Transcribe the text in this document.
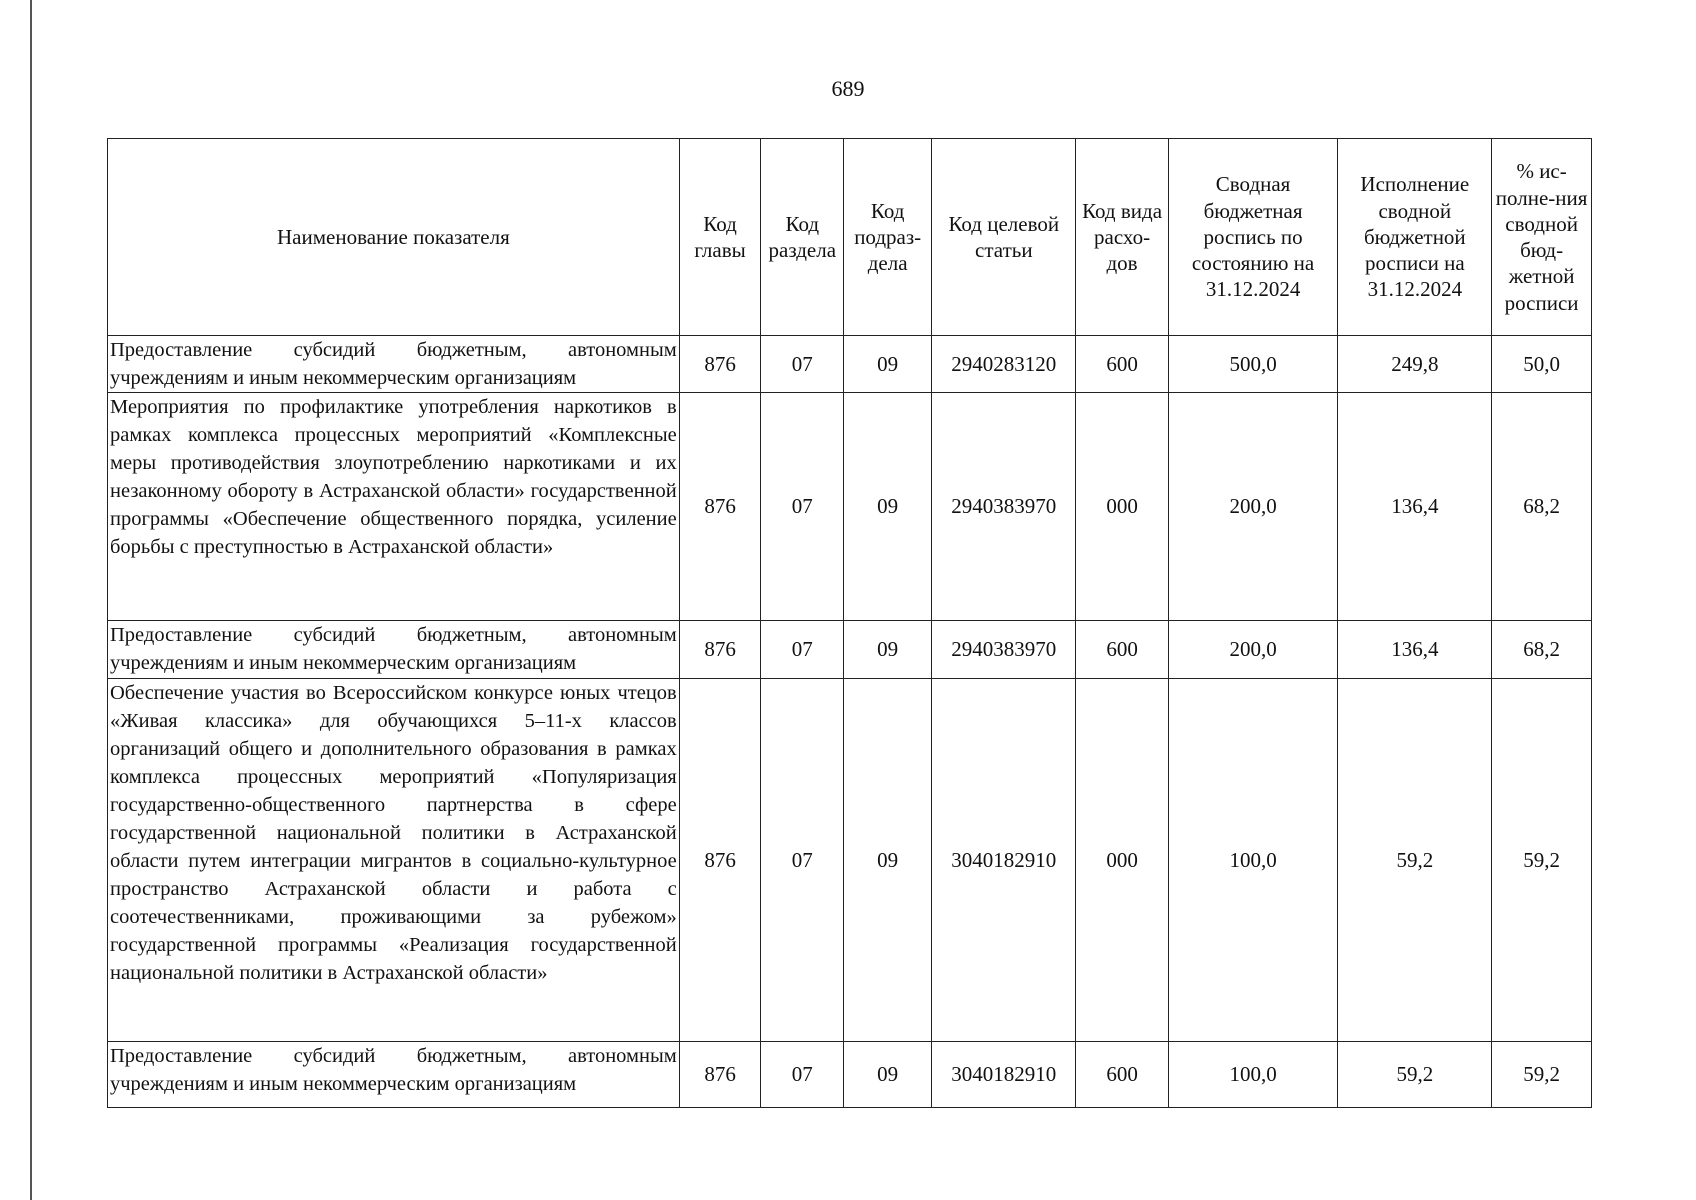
689
Наименование показателя	Код главы	Код раздела	Код подраз-дела	Код целевой статьи	Код вида расхо-дов	Сводная бюджетная роспись по состоянию на 31.12.2024	Исполнение сводной бюджетной росписи на 31.12.2024	% ис-полне-ния сводной бюд-жетной росписи
Предоставление субсидий бюджетным, автономным учреждениям и иным некоммерческим организациям	876	07	09	2940283120	600	500,0	249,8	50,0
Мероприятия по профилактике употребления наркотиков в рамках комплекса процессных мероприятий «Комплексные меры противодействия злоупотреблению наркотиками и их незаконному обороту в Астраханской области» государственной программы «Обеспечение общественного порядка, усиление борьбы с преступностью в Астраханской области»	876	07	09	2940383970	000	200,0	136,4	68,2
Предоставление субсидий бюджетным, автономным учреждениям и иным некоммерческим организациям	876	07	09	2940383970	600	200,0	136,4	68,2
Обеспечение участия во Всероссийском конкурсе юных чтецов «Живая классика» для обучающихся 5–11-х классов организаций общего и дополнительного образования в рамках комплекса процессных мероприятий «Популяризация государственно-общественного партнерства в сфере государственной национальной политики в Астраханской области путем интеграции мигрантов в социально-культурное пространство Астраханской области и работа с соотечественниками, проживающими за рубежом» государственной программы «Реализация государственной национальной политики в Астраханской области»	876	07	09	3040182910	000	100,0	59,2	59,2
Предоставление субсидий бюджетным, автономным учреждениям и иным некоммерческим организациям	876	07	09	3040182910	600	100,0	59,2	59,2
